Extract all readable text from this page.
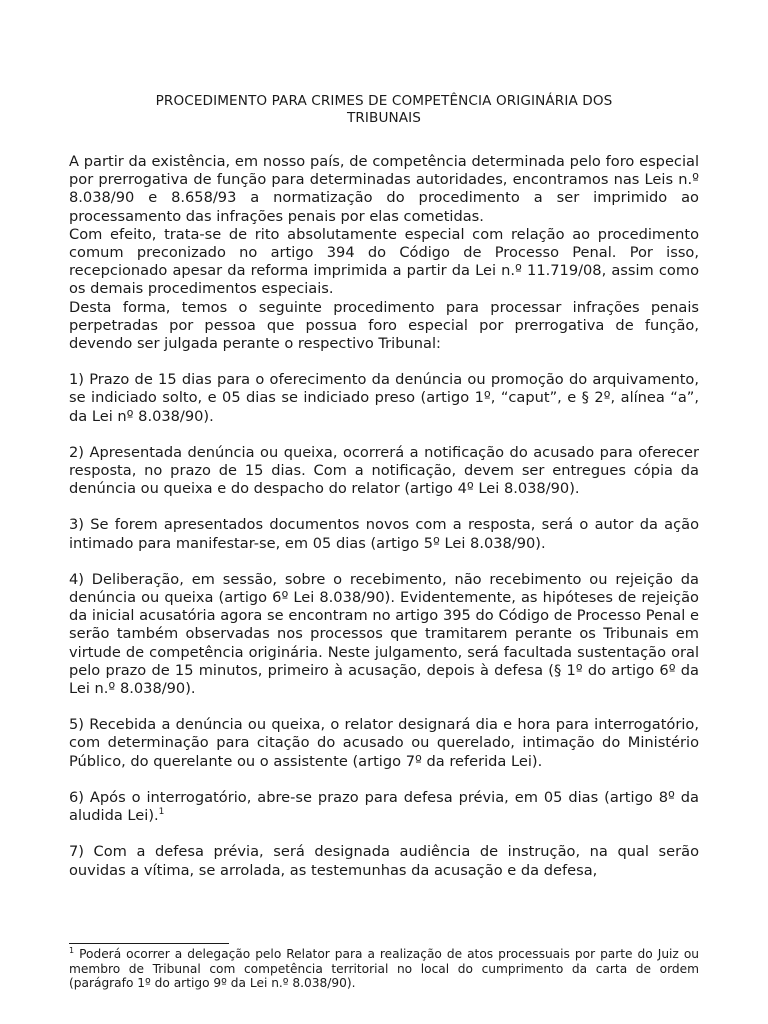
PROCEDIMENTO PARA CRIMES DE COMPETÊNCIA ORIGINÁRIA DOS
TRIBUNAIS

A partir da existência, em nosso país, de competência determinada pelo foro especial por prerrogativa de função para determinadas autoridades, encontramos nas Leis n.º 8.038/90 e 8.658/93 a normatização do procedimento a ser imprimido ao processamento das infrações penais por elas cometidas.

Com efeito, trata-se de rito absolutamente especial com relação ao procedimento comum preconizado no artigo 394 do Código de Processo Penal. Por isso, recepcionado apesar da reforma imprimida a partir da Lei n.º 11.719/08, assim como os demais procedimentos especiais.

Desta forma, temos o seguinte procedimento para processar infrações penais perpetradas por pessoa que possua foro especial por prerrogativa de função, devendo ser julgada perante o respectivo Tribunal:

1) Prazo de 15 dias para o oferecimento da denúncia ou promoção do arquivamento, se indiciado solto, e 05 dias se indiciado preso (artigo 1º, “caput”, e § 2º, alínea “a”, da Lei nº 8.038/90).

2) Apresentada denúncia ou queixa, ocorrerá a notificação do acusado para oferecer resposta, no prazo de 15 dias. Com a notificação, devem ser entregues cópia da denúncia ou queixa e do despacho do relator (artigo 4º Lei 8.038/90).

3) Se forem apresentados documentos novos com a resposta, será o autor da ação intimado para manifestar-se, em 05 dias (artigo 5º Lei 8.038/90).

4) Deliberação, em sessão, sobre o recebimento, não recebimento ou rejeição da denúncia ou queixa (artigo 6º Lei 8.038/90). Evidentemente, as hipóteses de rejeição da inicial acusatória agora se encontram no artigo 395 do Código de Processo Penal e serão também observadas nos processos que tramitarem perante os Tribunais em virtude de competência originária. Neste julgamento, será facultada sustentação oral pelo prazo de 15 minutos, primeiro à acusação, depois à defesa (§ 1º do artigo 6º da Lei n.º 8.038/90).

5) Recebida a denúncia ou queixa, o relator designará dia e hora para interrogatório, com determinação para citação do acusado ou querelado, intimação do Ministério Público, do querelante ou o assistente (artigo 7º da referida Lei).

6) Após o interrogatório, abre-se prazo para defesa prévia, em 05 dias (artigo 8º da aludida Lei).$^1$

7) Com a defesa prévia, será designada audiência de instrução, na qual serão ouvidas a vítima, se arrolada, as testemunhas da acusação e da defesa,

$^1$ Poderá ocorrer a delegação pelo Relator para a realização de atos processuais por parte do Juiz ou membro de Tribunal com competência territorial no local do cumprimento da carta de ordem (parágrafo 1º do artigo 9º da Lei n.º 8.038/90).
